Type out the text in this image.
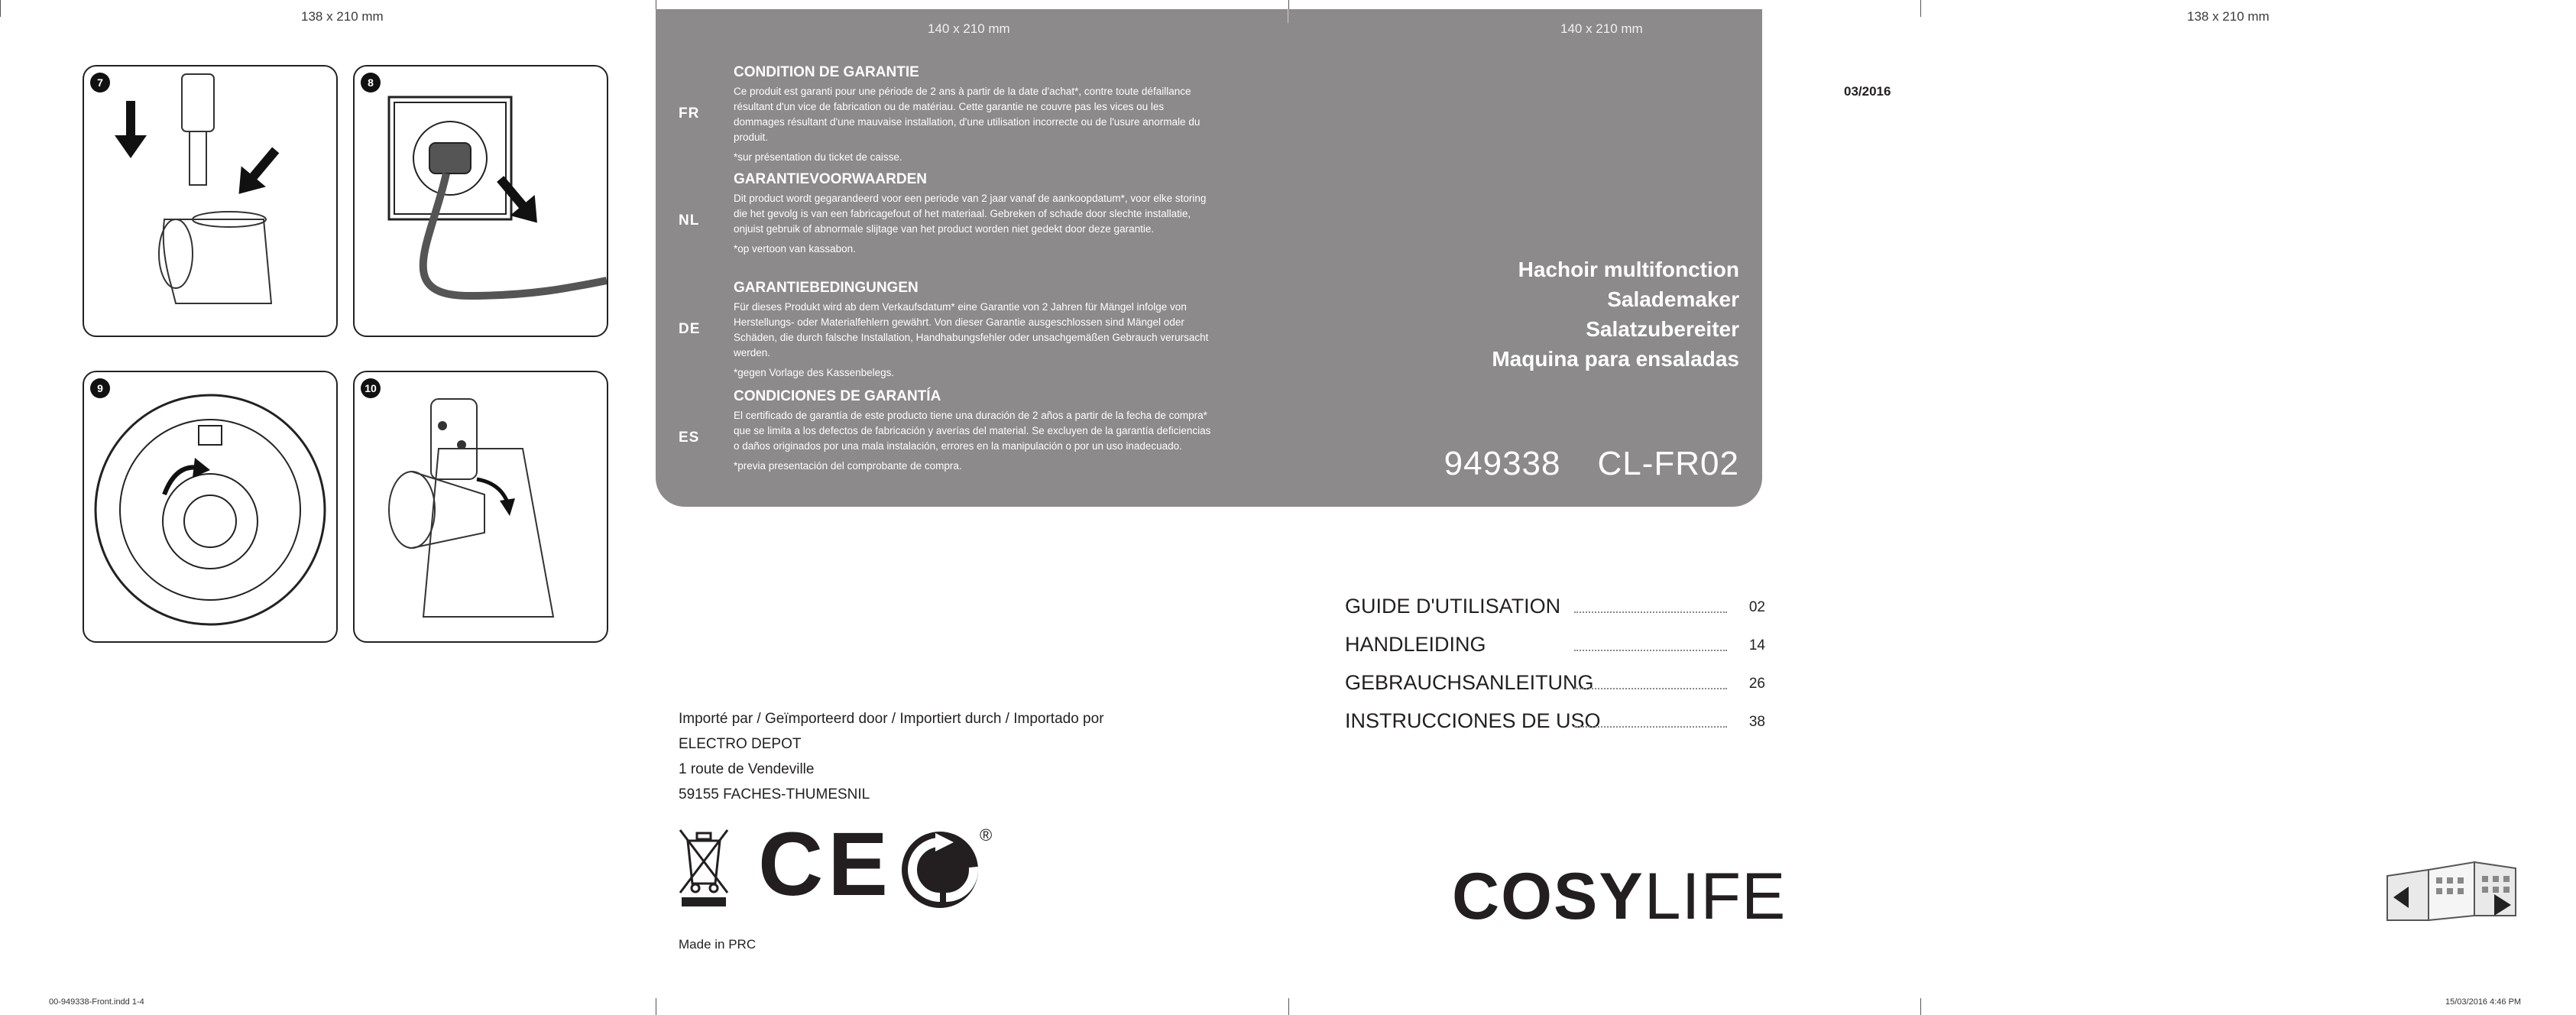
138 x 210 mm	138 x 210 mm
7	8
9	10
140 x 210 mm	140 x 210 mm
FR

CONDITION DE GARANTIE

Ce produit est garanti pour une période de 2 ans à partir de la date d'achat*, contre toute défaillance résultant d'un vice de fabrication ou de matériau. Cette garantie ne couvre pas les vices ou les dommages résultant d'une mauvaise installation, d'une utilisation incorrecte ou de l'usure anormale du produit.

*sur présentation du ticket de caisse.

NL

GARANTIEVOORWAARDEN

Dit product wordt gegarandeerd voor een periode van 2 jaar vanaf de aankoopdatum*, voor elke storing die het gevolg is van een fabricagefout of het materiaal. Gebreken of schade door slechte installatie, onjuist gebruik of abnormale slijtage van het product worden niet gedekt door deze garantie.

*op vertoon van kassabon.

DE

GARANTIEBEDINGUNGEN

Für dieses Produkt wird ab dem Verkaufsdatum* eine Garantie von 2 Jahren für Mängel infolge von Herstellungs- oder Materialfehlern gewährt. Von dieser Garantie ausgeschlossen sind Mängel oder Schäden, die durch falsche Installation, Handhabungsfehler oder unsachgemäßen Gebrauch verursacht werden.

*gegen Vorlage des Kassenbelegs.

ES

CONDICIONES DE GARANTÍA

El certificado de garantía de este producto tiene una duración de 2 años a partir de la fecha de compra* que se limita a los defectos de fabricación y averías del material. Se excluyen de la garantía deficiencias o daños originados por una mala instalación, errores en la manipulación o por un uso inadecuado.

*previa presentación del comprobante de compra.

Hachoir multifonction
Salademaker
Salatzubereiter
Maquina para ensaladas
949338 CL-FR02
GUIDE D'UTILISATION	02
HANDLEIDING	14
GEBRAUCHSANLEITUNG	26
INSTRUCCIONES DE USO	38
Importé par / Geïmporteerd door / Importiert durch / Importado por
ELECTRO DEPOT
1 route de Vendeville
59155 FACHES-THUMESNIL
CE	®
Made in PRC
COSYLIFE
03/2016
00-949338-Front.indd 1-4	15/03/2016 4:46 PM
